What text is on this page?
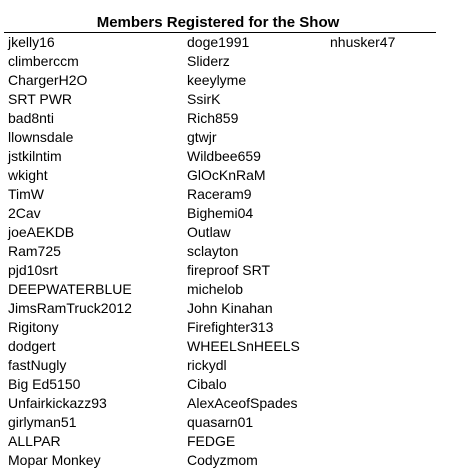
Members Registered for the Show
jkelly16
climberccm
ChargerH2O
SRT PWR
bad8nti
llownsdale
jstkilntim
wkight
TimW
2Cav
joeAEKDB
Ram725
pjd10srt
DEEPWATERBLUE
JimsRamTruck2012
Rigitony
dodgert
fastNugly
Big Ed5150
Unfairkickazz93
girlyman51
ALLPAR
Mopar Monkey
doge1991
Sliderz
keeylyme
SsirK
Rich859
gtwjr
Wildbee659
GlOcKnRaM
Raceram9
Bighemi04
Outlaw
sclayton
fireproof SRT
michelob
John Kinahan
Firefighter313
WHEELSnHEELS
rickydl
Cibalo
AlexAceofSpades
quasarn01
FEDGE
Codyzmom
nhusker47
